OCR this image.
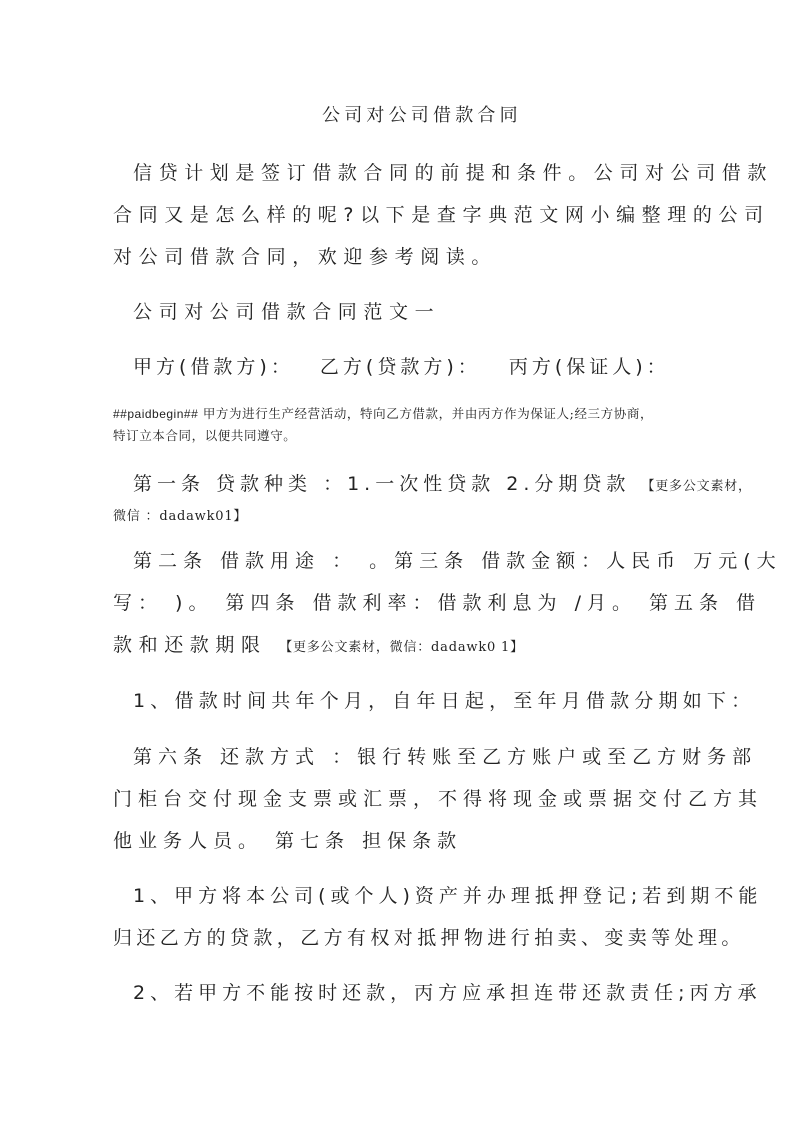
公司对公司借款合同
信贷计划是签订借款合同的前提和条件。公司对公司借款
合同又是怎么样的呢?以下是查字典范文网小编整理的公司
对公司借款合同，欢迎参考阅读。
公司对公司借款合同范文一
甲方(借款方)： 乙方(贷款方)： 丙方(保证人)：
##paidbegin## 甲方为进行生产经营活动，特向乙方借款，并由丙方作为保证人;经三方协商，
特订立本合同，以便共同遵守。
第一条 贷款种类 ：1.一次性贷款 2.分期贷款 【更多公文素材，
微信 ：dadawk01】
第二条 借款用途 ： 。第三条 借款金额：人民币 万元(大
写： )。 第四条 借款利率：借款利息为 /月。 第五条 借
款和还款期限 【更多公文素材，微信：dadawk0 1】
1、借款时间共年个月，自年日起，至年月借款分期如下：
第六条 还款方式 ：银行转账至乙方账户或至乙方财务部
门柜台交付现金支票或汇票，不得将现金或票据交付乙方其
他业务人员。 第七条 担保条款
1、甲方将本公司(或个人)资产并办理抵押登记;若到期不能
归还乙方的贷款，乙方有权对抵押物进行拍卖、变卖等处理。
2、若甲方不能按时还款，丙方应承担连带还款责任;丙方承
